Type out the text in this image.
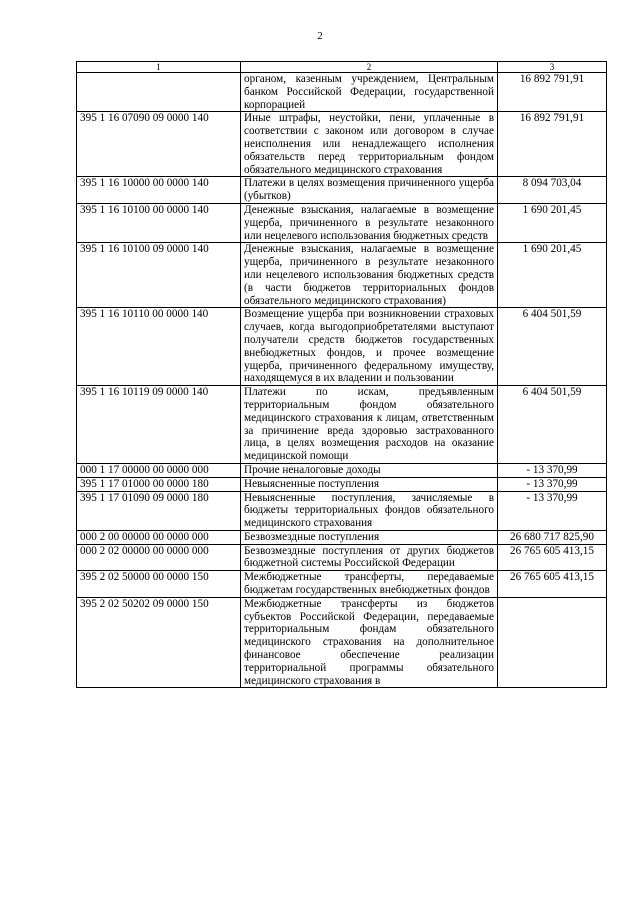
2
1	2	3
	органом, казенным учреждением, Центральным банком Российской Федерации, государственной корпорацией	16 892 791,91
395 1 16 07090 09 0000 140	Иные штрафы, неустойки, пени, уплаченные в соответствии с законом или договором в случае неисполнения или ненадлежащего исполнения обязательств перед территориальным фондом обязательного медицинского страхования	16 892 791,91
395 1 16 10000 00 0000 140	Платежи в целях возмещения причиненного ущерба (убытков)	8 094 703,04
395 1 16 10100 00 0000 140	Денежные взыскания, налагаемые в возмещение ущерба, причиненного в результате незаконного или нецелевого использования бюджетных средств	1 690 201,45
395 1 16 10100 09 0000 140	Денежные взыскания, налагаемые в возмещение ущерба, причиненного в результате незаконного или нецелевого использования бюджетных средств (в части бюджетов территориальных фондов обязательного медицинского страхования)	1 690 201,45
395 1 16 10110 00 0000 140	Возмещение ущерба при возникновении страховых случаев, когда выгодоприобретателями выступают получатели средств бюджетов государственных внебюджетных фондов, и прочее возмещение ущерба, причиненного федеральному имуществу, находящемуся в их владении и пользовании	6 404 501,59
395 1 16 10119 09 0000 140	Платежи по искам, предъявленным территориальным фондом обязательного медицинского страхования к лицам, ответственным за причинение вреда здоровью застрахованного лица, в целях возмещения расходов на оказание медицинской помощи	6 404 501,59
000 1 17 00000 00 0000 000	Прочие неналоговые доходы	- 13 370,99
395 1 17 01000 00 0000 180	Невыясненные поступления	- 13 370,99
395 1 17 01090 09 0000 180	Невыясненные поступления, зачисляемые в бюджеты территориальных фондов обязательного медицинского страхования	- 13 370,99
000 2 00 00000 00 0000 000	Безвозмездные поступления	26 680 717 825,90
000 2 02 00000 00 0000 000	Безвозмездные поступления от других бюджетов бюджетной системы Российской Федерации	26 765 605 413,15
395 2 02 50000 00 0000 150	Межбюджетные трансферты, передаваемые бюджетам государственных внебюджетных фондов	26 765 605 413,15
395 2 02 50202 09 0000 150	Межбюджетные трансферты из бюджетов субъектов Российской Федерации, передаваемые территориальным фондам обязательного медицинского страхования на дополнительное финансовое обеспечение реализации территориальной программы обязательного медицинского страхования в	
